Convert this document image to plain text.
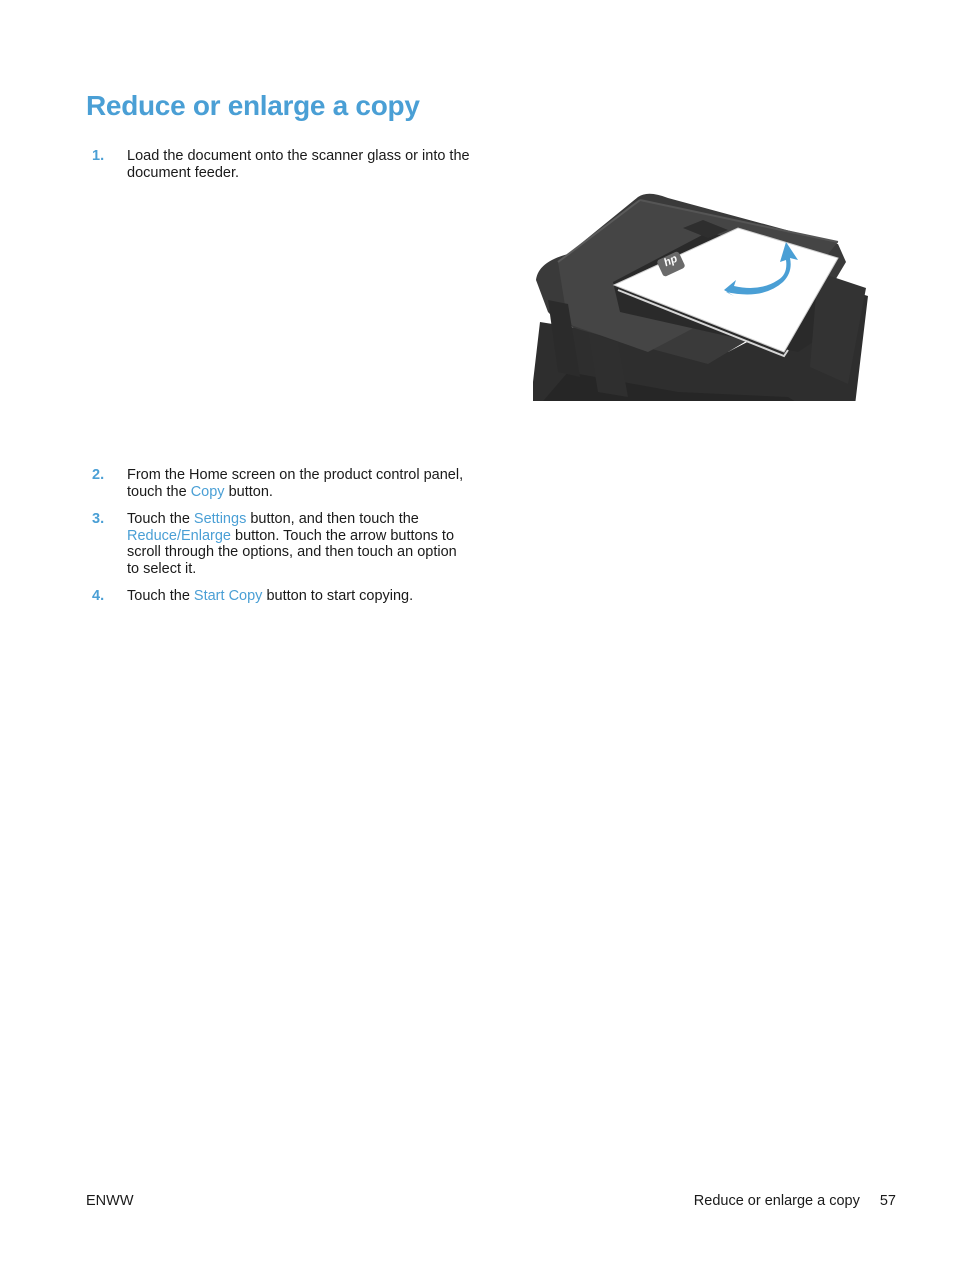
Reduce or enlarge a copy
1. Load the document onto the scanner glass or into the document feeder.
hp
2. From the Home screen on the product control panel, touch the Copy button.
3. Touch the Settings button, and then touch the Reduce/Enlarge button. Touch the arrow buttons to scroll through the options, and then touch an option to select it.
4. Touch the Start Copy button to start copying.
ENWW	Reduce or enlarge a copy 57
